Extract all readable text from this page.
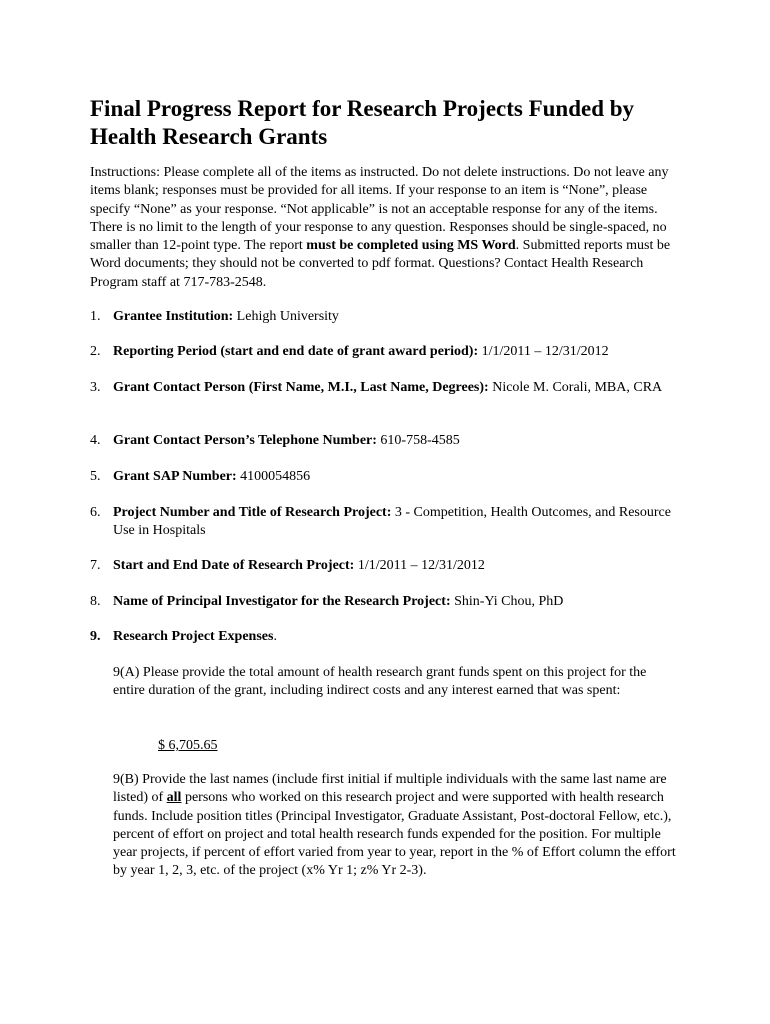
Final Progress Report for Research Projects Funded by
Health Research Grants

Instructions: Please complete all of the items as instructed. Do not delete instructions. Do not leave any items blank; responses must be provided for all items. If your response to an item is “None”, please specify “None” as your response. “Not applicable” is not an acceptable response for any of the items. There is no limit to the length of your response to any question. Responses should be single-spaced, no smaller than 12-point type. The report must be completed using MS Word. Submitted reports must be Word documents; they should not be converted to pdf format. Questions? Contact Health Research Program staff at 717-783-2548.

1. Grantee Institution: Lehigh University
2. Reporting Period (start and end date of grant award period): 1/1/2011 – 12/31/2012
3. Grant Contact Person (First Name, M.I., Last Name, Degrees): Nicole M. Corali, MBA, CRA
4. Grant Contact Person’s Telephone Number: 610-758-4585
5. Grant SAP Number: 4100054856
6. Project Number and Title of Research Project: 3 - Competition, Health Outcomes, and Resource Use in Hospitals
7. Start and End Date of Research Project: 1/1/2011 – 12/31/2012
8. Name of Principal Investigator for the Research Project: Shin-Yi Chou, PhD
9. Research Project Expenses.

9(A) Please provide the total amount of health research grant funds spent on this project for the entire duration of the grant, including indirect costs and any interest earned that was spent:

$ 6,705.65

9(B) Provide the last names (include first initial if multiple individuals with the same last name are listed) of all persons who worked on this research project and were supported with health research funds. Include position titles (Principal Investigator, Graduate Assistant, Post-doctoral Fellow, etc.), percent of effort on project and total health research funds expended for the position. For multiple year projects, if percent of effort varied from year to year, report in the % of Effort column the effort by year 1, 2, 3, etc. of the project (x% Yr 1; z% Yr 2-3).
